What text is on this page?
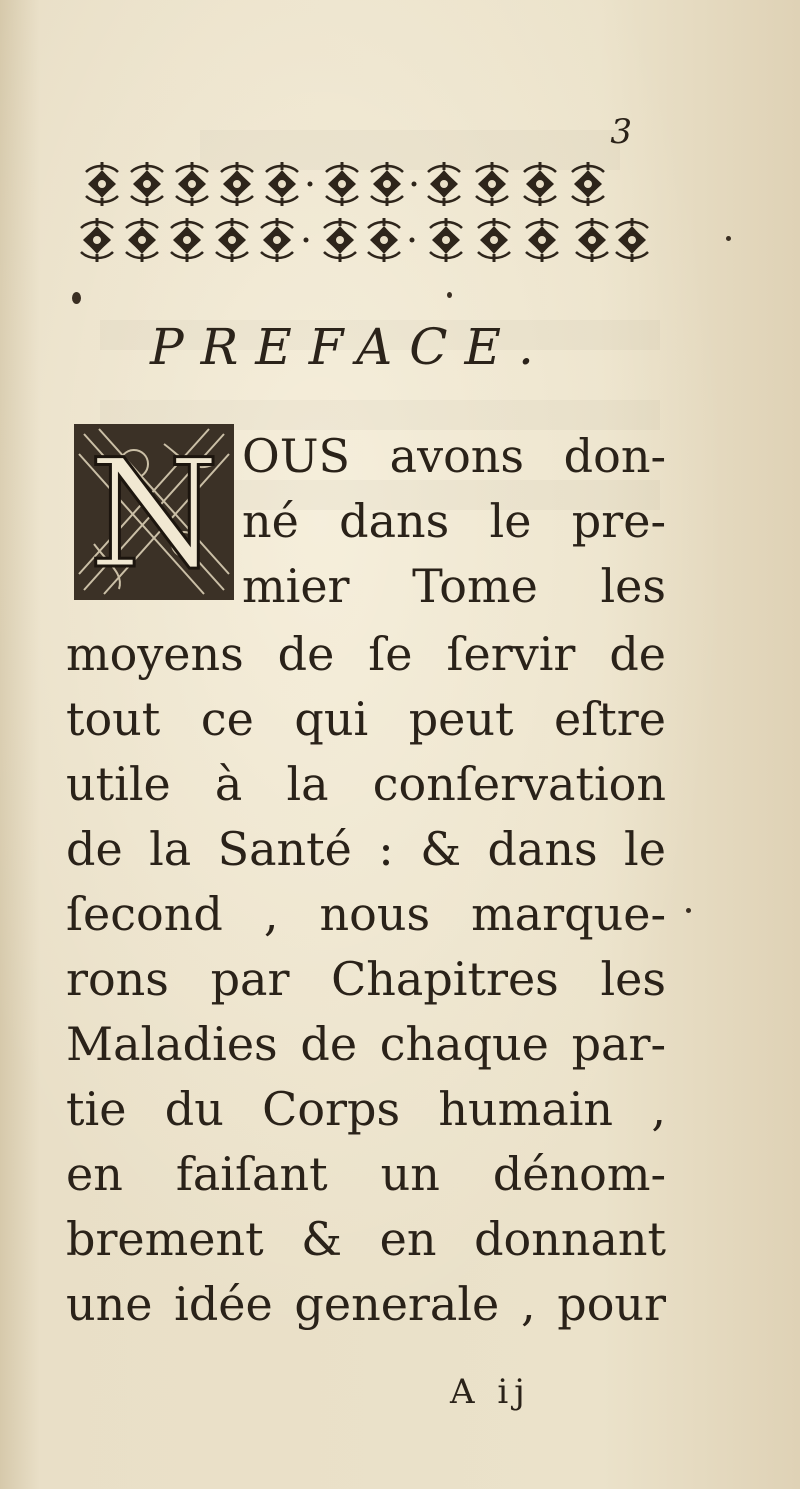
3
PREFACE.
N OUS avons don-
né dans le pre-
mier Tome les
moyens de ſe ſervir de
tout ce qui peut eſtre
utile à la conſervation
de la Santé : & dans le
ſecond , nous marque-
rons par Chapitres les
Maladies de chaque par-
tie du Corps humain ,
en faiſant un dénom-
brement & en donnant
une idée generale , pour
A ij
